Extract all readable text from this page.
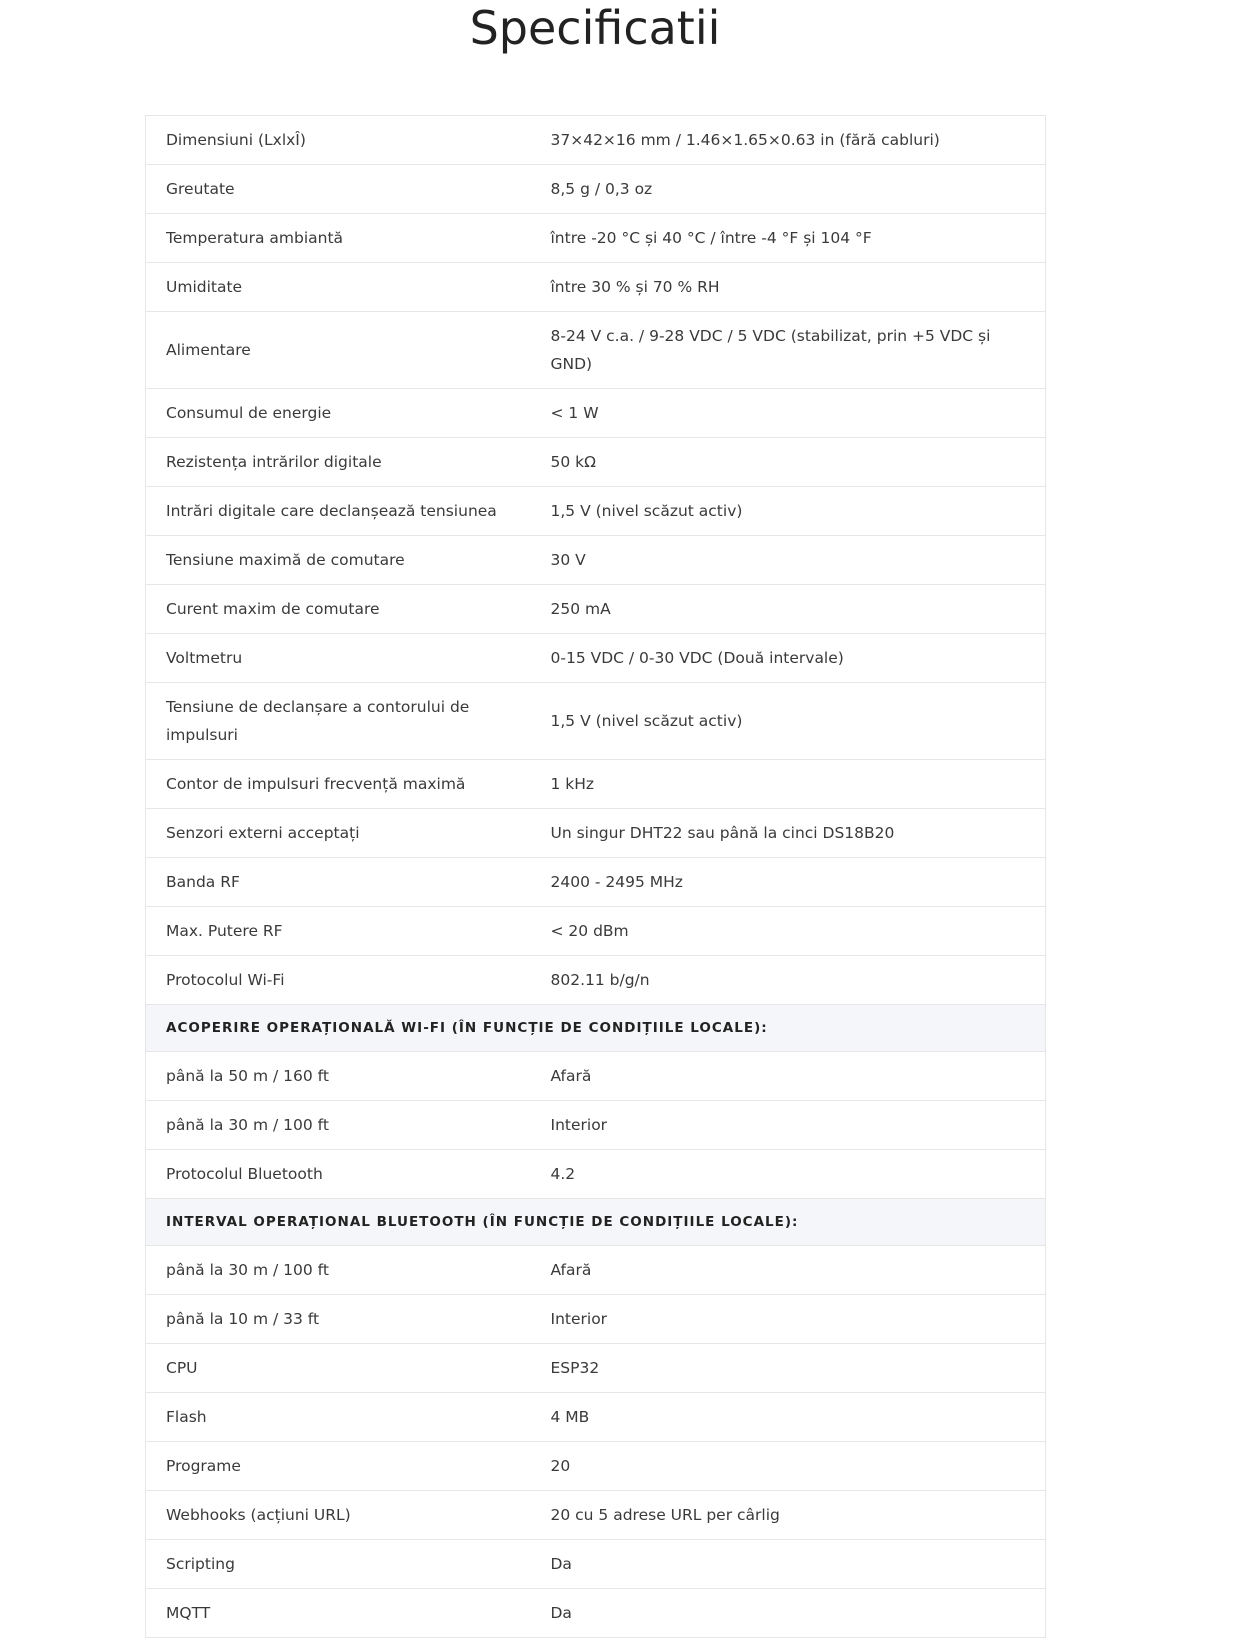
Specificatii
Dimensiuni (LxlxÎ)	37×42×16 mm / 1.46×1.65×0.63 in (fără cabluri)
Greutate	8,5 g / 0,3 oz
Temperatura ambiantă	între -20 °C și 40 °C / între -4 °F și 104 °F
Umiditate	între 30 % și 70 % RH
Alimentare	8-24 V c.a. / 9-28 VDC / 5 VDC (stabilizat, prin +5 VDC și GND)
Consumul de energie	< 1 W
Rezistența intrărilor digitale	50 kΩ
Intrări digitale care declanșează tensiunea	1,5 V (nivel scăzut activ)
Tensiune maximă de comutare	30 V
Curent maxim de comutare	250 mA
Voltmetru	0-15 VDC / 0-30 VDC (Două intervale)
Tensiune de declanșare a contorului de impulsuri	1,5 V (nivel scăzut activ)
Contor de impulsuri frecvență maximă	1 kHz
Senzori externi acceptați	Un singur DHT22 sau până la cinci DS18B20
Banda RF	2400 - 2495 MHz
Max. Putere RF	< 20 dBm
Protocolul Wi-Fi	802.11 b/g/n
ACOPERIRE OPERAȚIONALĂ WI-FI (ÎN FUNCȚIE DE CONDIȚIILE LOCALE):	
până la 50 m / 160 ft	Afară
până la 30 m / 100 ft	Interior
Protocolul Bluetooth	4.2
INTERVAL OPERAȚIONAL BLUETOOTH (ÎN FUNCȚIE DE CONDIȚIILE LOCALE):	
până la 30 m / 100 ft	Afară
până la 10 m / 33 ft	Interior
CPU	ESP32
Flash	4 MB
Programe	20
Webhooks (acțiuni URL)	20 cu 5 adrese URL per cârlig
Scripting	Da
MQTT	Da
